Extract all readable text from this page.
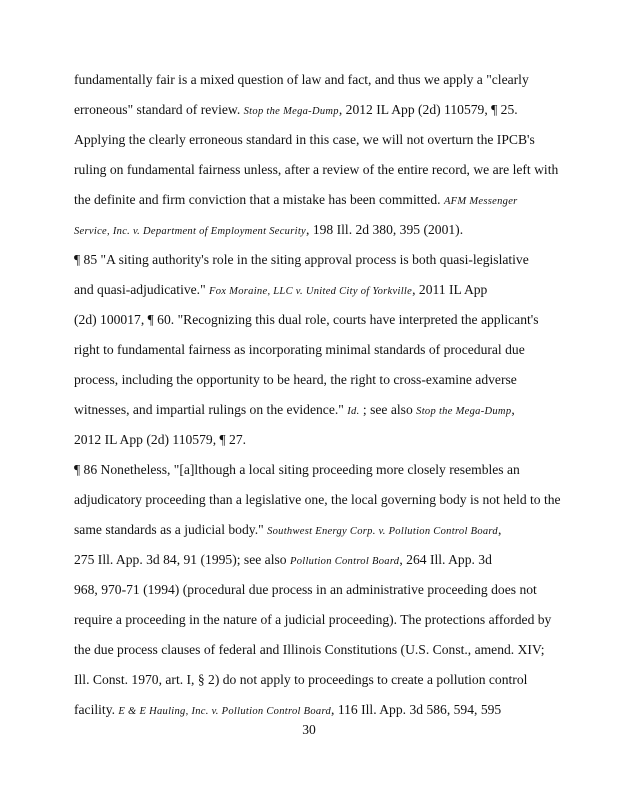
fundamentally fair is a mixed question of law and fact, and thus we apply a "clearly
erroneous" standard of review. Stop the Mega-Dump, 2012 IL App (2d) 110579, ¶ 25.
Applying the clearly erroneous standard in this case, we will not overturn the IPCB's
ruling on fundamental fairness unless, after a review of the entire record, we are left with
the definite and firm conviction that a mistake has been committed. AFM Messenger
Service, Inc. v. Department of Employment Security, 198 Ill. 2d 380, 395 (2001).
¶ 85 "A siting authority's role in the siting approval process is both quasi-legislative
and quasi-adjudicative." Fox Moraine, LLC v. United City of Yorkville, 2011 IL App
(2d) 100017, ¶ 60. "Recognizing this dual role, courts have interpreted the applicant's
right to fundamental fairness as incorporating minimal standards of procedural due
process, including the opportunity to be heard, the right to cross-examine adverse
witnesses, and impartial rulings on the evidence." Id. ; see also Stop the Mega-Dump,
2012 IL App (2d) 110579, ¶ 27.
¶ 86 Nonetheless, "[a]lthough a local siting proceeding more closely resembles an
adjudicatory proceeding than a legislative one, the local governing body is not held to the
same standards as a judicial body." Southwest Energy Corp. v. Pollution Control Board,
275 Ill. App. 3d 84, 91 (1995); see also Pollution Control Board, 264 Ill. App. 3d
968, 970-71 (1994) (procedural due process in an administrative proceeding does not
require a proceeding in the nature of a judicial proceeding). The protections afforded by
the due process clauses of federal and Illinois Constitutions (U.S. Const., amend. XIV;
Ill. Const. 1970, art. I, § 2) do not apply to proceedings to create a pollution control
facility. E & E Hauling, Inc. v. Pollution Control Board, 116 Ill. App. 3d 586, 594, 595
30
